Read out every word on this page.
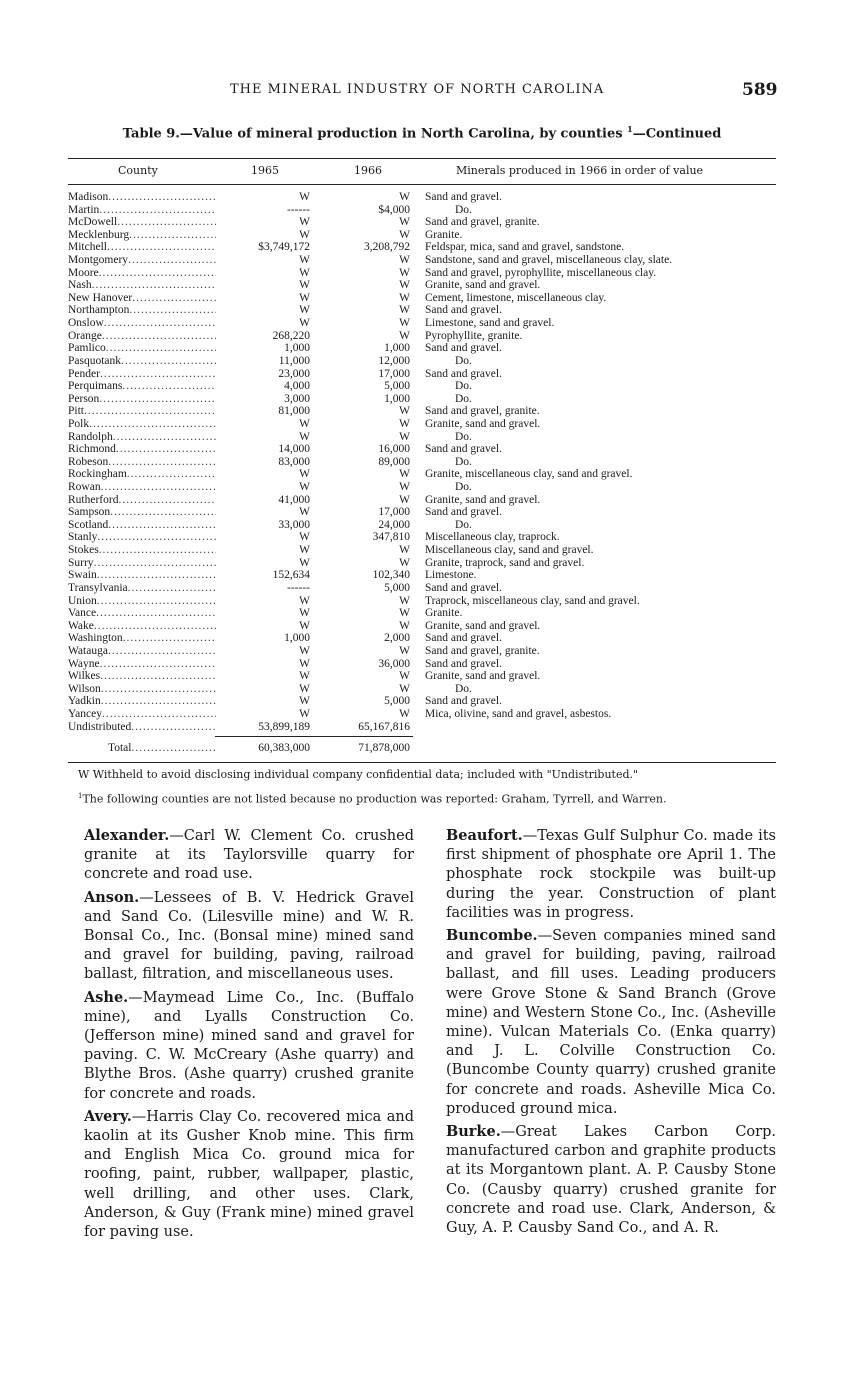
THE MINERAL INDUSTRY OF NORTH CAROLINA	589
Table 9.—Value of mineral production in North Carolina, by counties $^1$—Continued
County	1965	1966	Minerals produced in 1966 in order of value
Madison .....	W	W Sand and gravel.
Martin .....	------	$4,000	Do.
McDowell .....	W	W Sand and gravel, granite.
Mecklenburg .....	W	W Granite.
Mitchell .....	$3,749,172	3,208,792 Feldspar, mica, sand and gravel, sandstone.
Montgomery .....	W	W Sandstone, sand and gravel, miscellaneous clay, slate.
Moore .....	W	W Sand and gravel, pyrophyllite, miscellaneous clay.
Nash .....	W	W Granite, sand and gravel.
New Hanover .....	W	W Cement, limestone, miscellaneous clay.
Northampton .....	W	W Sand and gravel.
Onslow .....	W	W Limestone, sand and gravel.
Orange .....	268,220	W Pyrophyllite, granite.
Pamlico .....	1,000	1,000 Sand and gravel.
Pasquotank .....	11,000	12,000	Do.
Pender .....	23,000	17,000 Sand and gravel.
Perquimans .....	4,000	5,000	Do.
Person .....	3,000	1,000	Do.
Pitt .....	81,000	W Sand and gravel, granite.
Polk .....	W	W Granite, sand and gravel.
Randolph .....	W	W	Do.
Richmond .....	14,000	16,000 Sand and gravel.
Robeson .....	83,000	89,000	Do.
Rockingham .....	W	W Granite, miscellaneous clay, sand and gravel.
Rowan .....	W	W	Do.
Rutherford .....	41,000	W Granite, sand and gravel.
Sampson .....	W	17,000 Sand and gravel.
Scotland .....	33,000	24,000	Do.
Stanly .....	W	347,810 Miscellaneous clay, traprock.
Stokes .....	W	W Miscellaneous clay, sand and gravel.
Surry .....	W	W Granite, traprock, sand and gravel.
Swain .....	152,634	102,340 Limestone.
Transylvania .....	------	5,000 Sand and gravel.
Union .....	W	W Traprock, miscellaneous clay, sand and gravel.
Vance .....	W	W Granite.
Wake .....	W	W Granite, sand and gravel.
Washington .....	1,000	2,000 Sand and gravel.
Watauga .....	W	W Sand and gravel, granite.
Wayne .....	W	36,000 Sand and gravel.
Wilkes .....	W	W Granite, sand and gravel.
Wilson .....	W	W	Do.
Yadkin .....	W	5,000 Sand and gravel.
Yancey .....	W	W Mica, olivine, sand and gravel, asbestos.
Undistributed .....	53,899,189	65,167,816
Total .....	60,383,000	71,878,000
W Withheld to avoid disclosing individual company confidential data; included with "Undistributed."
$^1$The following counties are not listed because no production was reported: Graham, Tyrrell, and Warren.

Alexander.—Carl W. Clement Co. crushed granite at its Taylorsville quarry for concrete and road use.

Anson.—Lessees of B. V. Hedrick Gravel and Sand Co. (Lilesville mine) and W. R. Bonsal Co., Inc. (Bonsal mine) mined sand and gravel for building, paving, railroad ballast, filtration, and miscellaneous uses.

Ashe.—Maymead Lime Co., Inc. (Buffalo mine), and Lyalls Construction Co. (Jefferson mine) mined sand and gravel for paving. C. W. McCreary (Ashe quarry) and Blythe Bros. (Ashe quarry) crushed granite for concrete and roads.

Avery.—Harris Clay Co. recovered mica and kaolin at its Gusher Knob mine. This firm and English Mica Co. ground mica for roofing, paint, rubber, wallpaper, plastic, well drilling, and other uses. Clark, Anderson, & Guy (Frank mine) mined gravel for paving use.

Beaufort.—Texas Gulf Sulphur Co. made its first shipment of phosphate ore April 1. The phosphate rock stockpile was built-up during the year. Construction of plant facilities was in progress.

Buncombe.—Seven companies mined sand and gravel for building, paving, railroad ballast, and fill uses. Leading producers were Grove Stone & Sand Branch (Grove mine) and Western Stone Co., Inc. (Asheville mine). Vulcan Materials Co. (Enka quarry) and J. L. Colville Construction Co. (Buncombe County quarry) crushed granite for concrete and roads. Asheville Mica Co. produced ground mica.

Burke.—Great Lakes Carbon Corp. manufactured carbon and graphite products at its Morgantown plant. A. P. Causby Stone Co. (Causby quarry) crushed granite for concrete and road use. Clark, Anderson, & Guy, A. P. Causby Sand Co., and A. R.
